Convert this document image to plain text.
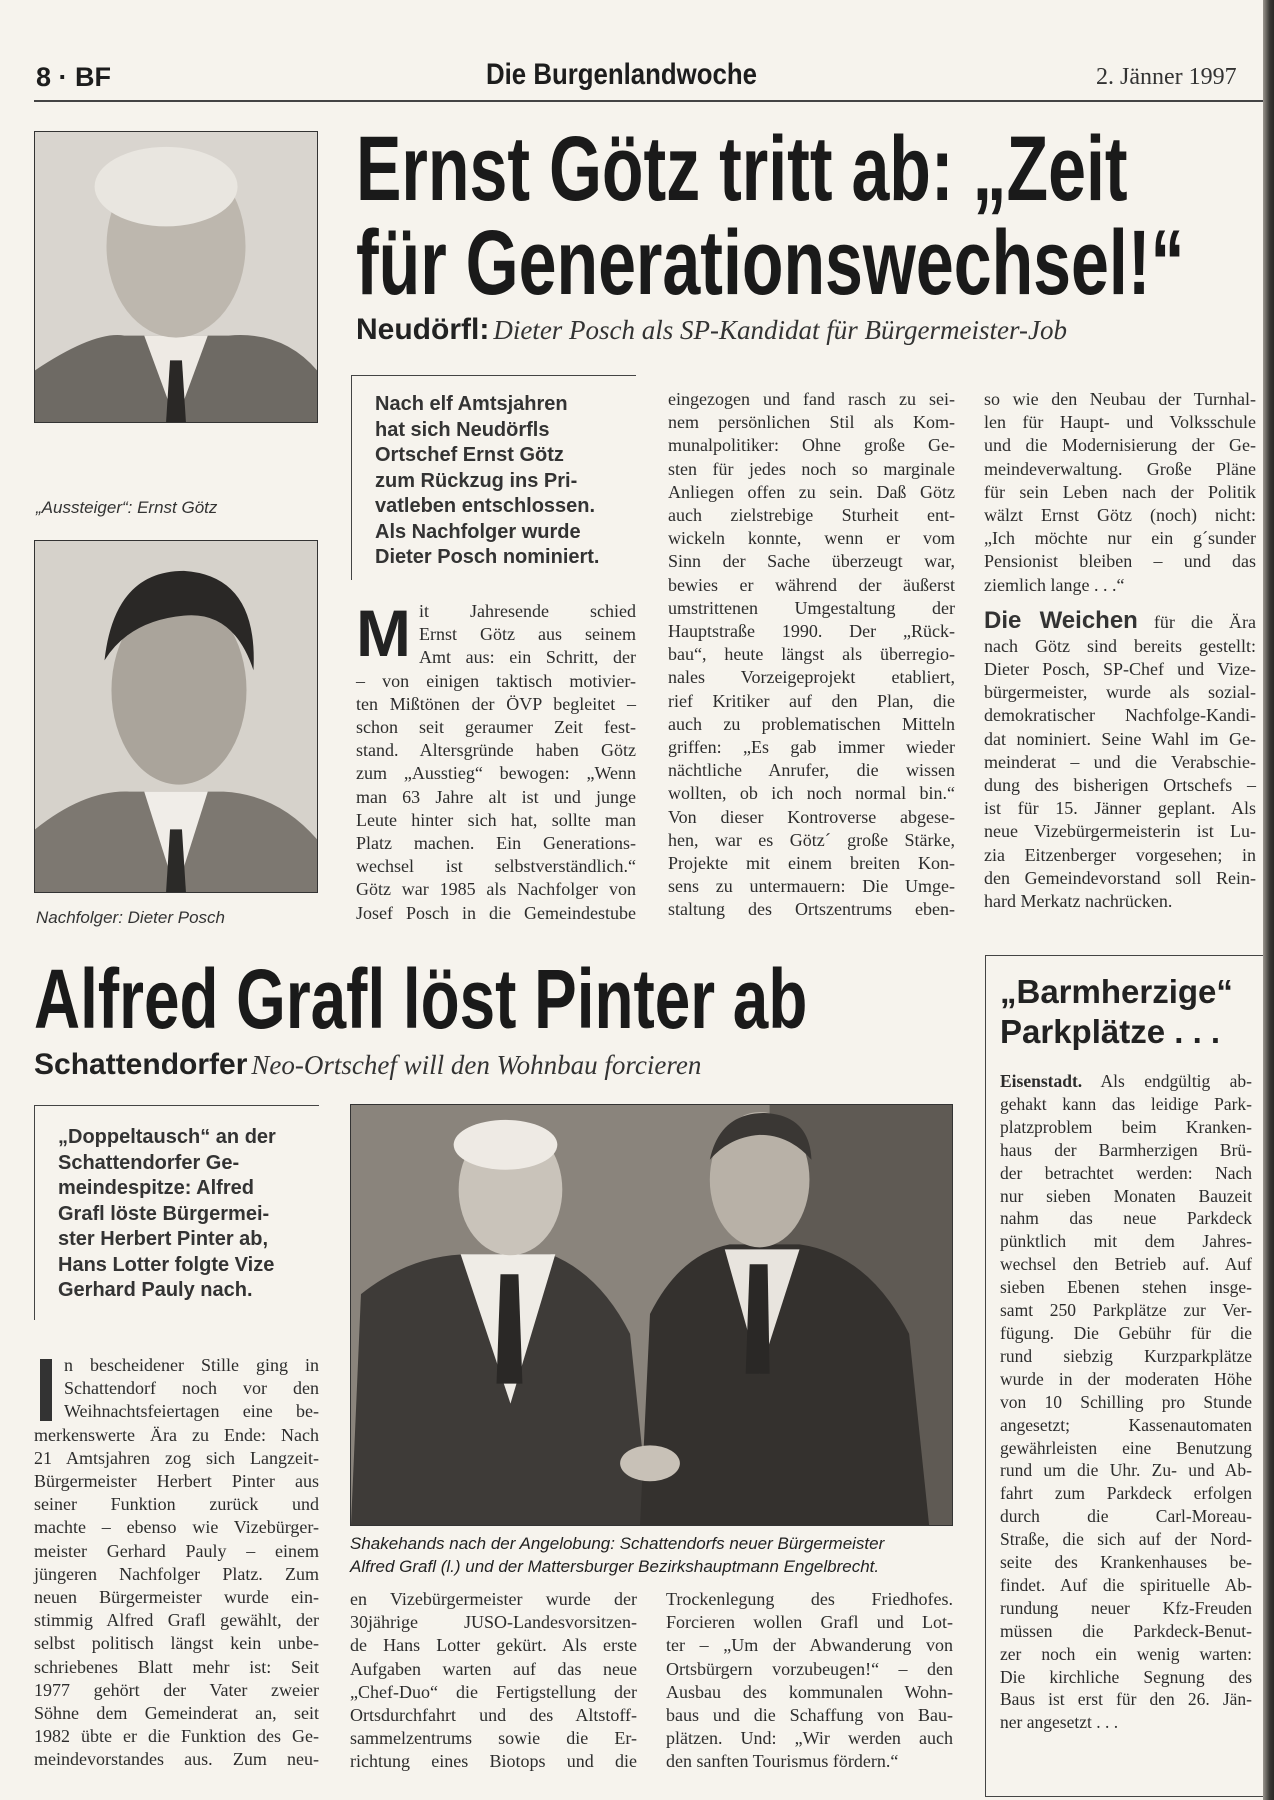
8 · BF	Die Burgenlandwoche	2. Jänner 1997
„Aussteiger“: Ernst Götz
Nachfolger: Dieter Posch
Ernst Götz tritt ab: „Zeit
für Generationswechsel!“
Neudörfl: Dieter Posch als SP-Kandidat für Bürgermeister-Job
Nach elf Amtsjahren
hat sich Neudörfls
Ortschef Ernst Götz
zum Rückzug ins Pri-
vatleben entschlossen.
Als Nachfolger wurde
Dieter Posch nominiert.
M it Jahresende schied
Ernst Götz aus seinem
Amt aus: ein Schritt, der
– von einigen taktisch motivier-
ten Mißtönen der ÖVP begleitet –
schon seit geraumer Zeit fest-
stand. Altersgründe haben Götz
zum „Ausstieg“ bewogen: „Wenn
man 63 Jahre alt ist und junge
Leute hinter sich hat, sollte man
Platz machen. Ein Generations-
wechsel ist selbstverständlich.“
Götz war 1985 als Nachfolger von
Josef Posch in die Gemeindestube
eingezogen und fand rasch zu sei-
nem persönlichen Stil als Kom-
munalpolitiker: Ohne große Ge-
sten für jedes noch so marginale
Anliegen offen zu sein. Daß Götz
auch zielstrebige Sturheit ent-
wickeln konnte, wenn er vom
Sinn der Sache überzeugt war,
bewies er während der äußerst
umstrittenen Umgestaltung der
Hauptstraße 1990. Der „Rück-
bau“, heute längst als überregio-
nales Vorzeigeprojekt etabliert,
rief Kritiker auf den Plan, die
auch zu problematischen Mitteln
griffen: „Es gab immer wieder
nächtliche Anrufer, die wissen
wollten, ob ich noch normal bin.“
Von dieser Kontroverse abgese-
hen, war es Götz´ große Stärke,
Projekte mit einem breiten Kon-
sens zu untermauern: Die Umge-
staltung des Ortszentrums eben-
so wie den Neubau der Turnhal-
len für Haupt- und Volksschule
und die Modernisierung der Ge-
meindeverwaltung. Große Pläne
für sein Leben nach der Politik
wälzt Ernst Götz (noch) nicht:
„Ich möchte nur ein g´sunder
Pensionist bleiben – und das
ziemlich lange . . .“
Die Weichen für die Ära
nach Götz sind bereits gestellt:
Dieter Posch, SP-Chef und Vize-
bürgermeister, wurde als sozial-
demokratischer Nachfolge-Kandi-
dat nominiert. Seine Wahl im Ge-
meinderat – und die Verabschie-
dung des bisherigen Ortschefs –
ist für 15. Jänner geplant. Als
neue Vizebürgermeisterin ist Lu-
zia Eitzenberger vorgesehen; in
den Gemeindevorstand soll Rein-
hard Merkatz nachrücken.
Alfred Grafl löst Pinter ab
Schattendorfer Neo-Ortschef will den Wohnbau forcieren
„Doppeltausch“ an der
Schattendorfer Ge-
meindespitze: Alfred
Grafl löste Bürgermei-
ster Herbert Pinter ab,
Hans Lotter folgte Vize
Gerhard Pauly nach.
n bescheidener Stille ging in
Schattendorf noch vor den
Weihnachtsfeiertagen eine be-
merkenswerte Ära zu Ende: Nach
21 Amtsjahren zog sich Langzeit-
Bürgermeister Herbert Pinter aus
seiner Funktion zurück und
machte – ebenso wie Vizebürger-
meister Gerhard Pauly – einem
jüngeren Nachfolger Platz. Zum
neuen Bürgermeister wurde ein-
stimmig Alfred Grafl gewählt, der
selbst politisch längst kein unbe-
schriebenes Blatt mehr ist: Seit
1977 gehört der Vater zweier
Söhne dem Gemeinderat an, seit
1982 übte er die Funktion des Ge-
meindevorstandes aus. Zum neu-
Shakehands nach der Angelobung: Schattendorfs neuer Bürgermeister
Alfred Grafl (l.) und der Mattersburger Bezirkshauptmann Engelbrecht.
en Vizebürgermeister wurde der
30jährige JUSO-Landesvorsitzen-
de Hans Lotter gekürt. Als erste
Aufgaben warten auf das neue
„Chef-Duo“ die Fertigstellung der
Ortsdurchfahrt und des Altstoff-
sammelzentrums sowie die Er-
richtung eines Biotops und die
Trockenlegung des Friedhofes.
Forcieren wollen Grafl und Lot-
ter – „Um der Abwanderung von
Ortsbürgern vorzubeugen!“ – den
Ausbau des kommunalen Wohn-
baus und die Schaffung von Bau-
plätzen. Und: „Wir werden auch
den sanften Tourismus fördern.“
„Barmherzige“
Parkplätze . . .
Eisenstadt. Als endgültig ab-
gehakt kann das leidige Park-
platzproblem beim Kranken-
haus der Barmherzigen Brü-
der betrachtet werden: Nach
nur sieben Monaten Bauzeit
nahm das neue Parkdeck
pünktlich mit dem Jahres-
wechsel den Betrieb auf. Auf
sieben Ebenen stehen insge-
samt 250 Parkplätze zur Ver-
fügung. Die Gebühr für die
rund siebzig Kurzparkplätze
wurde in der moderaten Höhe
von 10 Schilling pro Stunde
angesetzt; Kassenautomaten
gewährleisten eine Benutzung
rund um die Uhr. Zu- und Ab-
fahrt zum Parkdeck erfolgen
durch die Carl-Moreau-
Straße, die sich auf der Nord-
seite des Krankenhauses be-
findet. Auf die spirituelle Ab-
rundung neuer Kfz-Freuden
müssen die Parkdeck-Benut-
zer noch ein wenig warten:
Die kirchliche Segnung des
Baus ist erst für den 26. Jän-
ner angesetzt . . .
